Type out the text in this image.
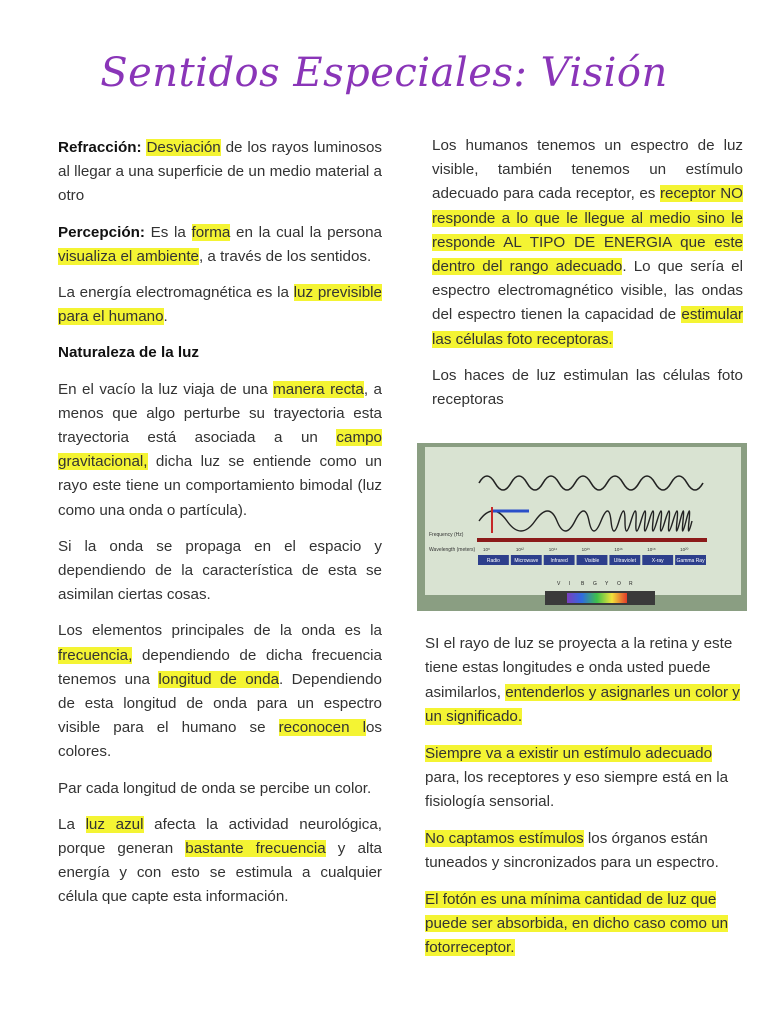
Sentidos Especiales: Visión

Refracción: Desviación de los rayos luminosos al llegar a una superficie de un medio material a otro

Percepción: Es la forma en la cual la persona visualiza el ambiente, a través de los sentidos.

La energía electromagnética es la luz previsible para el humano.

Naturaleza de la luz

En el vacío la luz viaja de una manera recta, a menos que algo perturbe su trayectoria esta trayectoria está asociada a un campo gravitacional, dicha luz se entiende como un rayo este tiene un comportamiento bimodal (luz como una onda o partícula).

Si la onda se propaga en el espacio y dependiendo de la característica de esta se asimilan ciertas cosas.

Los elementos principales de la onda es la frecuencia, dependiendo de dicha frecuencia tenemos una longitud de onda. Dependiendo de esta longitud de onda para un espectro visible para el humano se reconocen los colores.

Par cada longitud de onda se percibe un color.

La luz azul afecta la actividad neurológica, porque generan bastante frecuencia y alta energía y con esto se estimula a cualquier célula que capte esta información.

Los humanos tenemos un espectro de luz visible, también tenemos un estímulo adecuado para cada receptor, es receptor NO responde a lo que le llegue al medio sino le responde AL TIPO DE ENERGIA que este dentro del rango adecuado. Lo que sería el espectro electromagnético visible, las ondas del espectro tienen la capacidad de estimular las células foto receptoras.

Los haces de luz estimulan las células foto receptoras

Frequency (Hz)
Wavelength (meters) 10⁸	10¹²	10¹⁴	10¹⁵	10¹⁶	10¹⁸	10²⁰
Radio	Microwave Infrared	Visible	Ultraviolet	X-ray	Gamma Ray
V I B G Y O R

SI el rayo de luz se proyecta a la retina y este tiene estas longitudes e onda usted puede asimilarlos, entenderlos y asignarles un color y un significado.

Siempre va a existir un estímulo adecuado para, los receptores y eso siempre está en la fisiología sensorial.

No captamos estímulos los órganos están tuneados y sincronizados para un espectro.

El fotón es una mínima cantidad de luz que puede ser absorbida, en dicho caso como un fotorreceptor.
